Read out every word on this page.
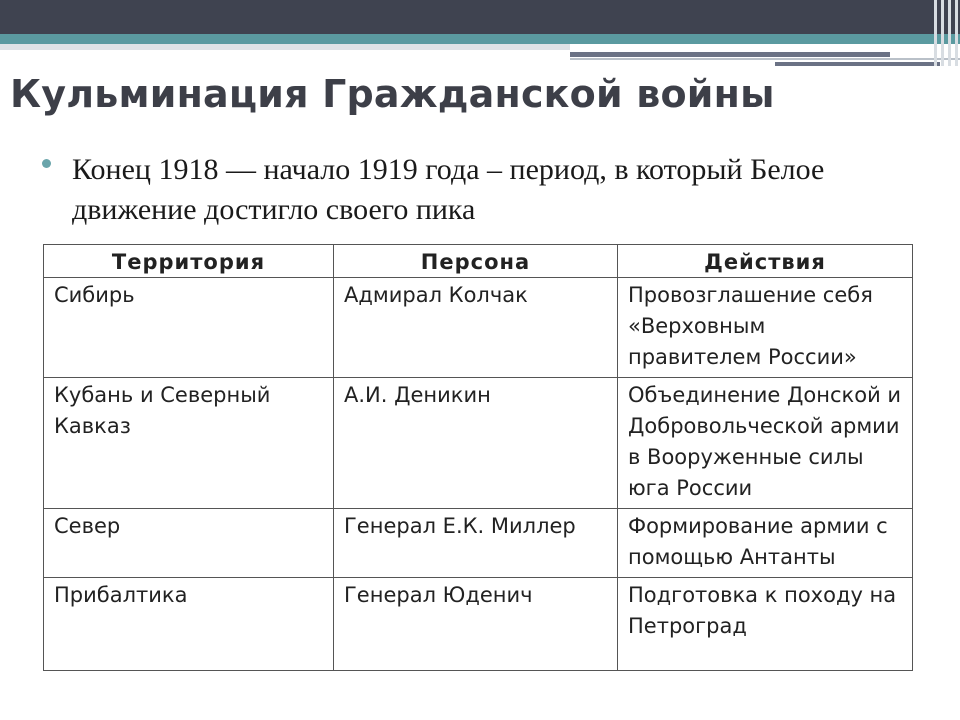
Кульминация Гражданской войны

Конец 1918 — начало 1919 года – период, в который Белое движение достигло своего пика

Территория	Персона	Действия
Сибирь	Адмирал Колчак	Провозглашение себя «Верховным правителем России»
Кубань и Северный Кавказ	А.И. Деникин	Объединение Донской и Добровольческой армии в Вооруженные силы юга России
Север	Генерал Е.К. Миллер	Формирование армии с помощью Антанты
Прибалтика	Генерал Юденич	Подготовка к походу на Петроград
